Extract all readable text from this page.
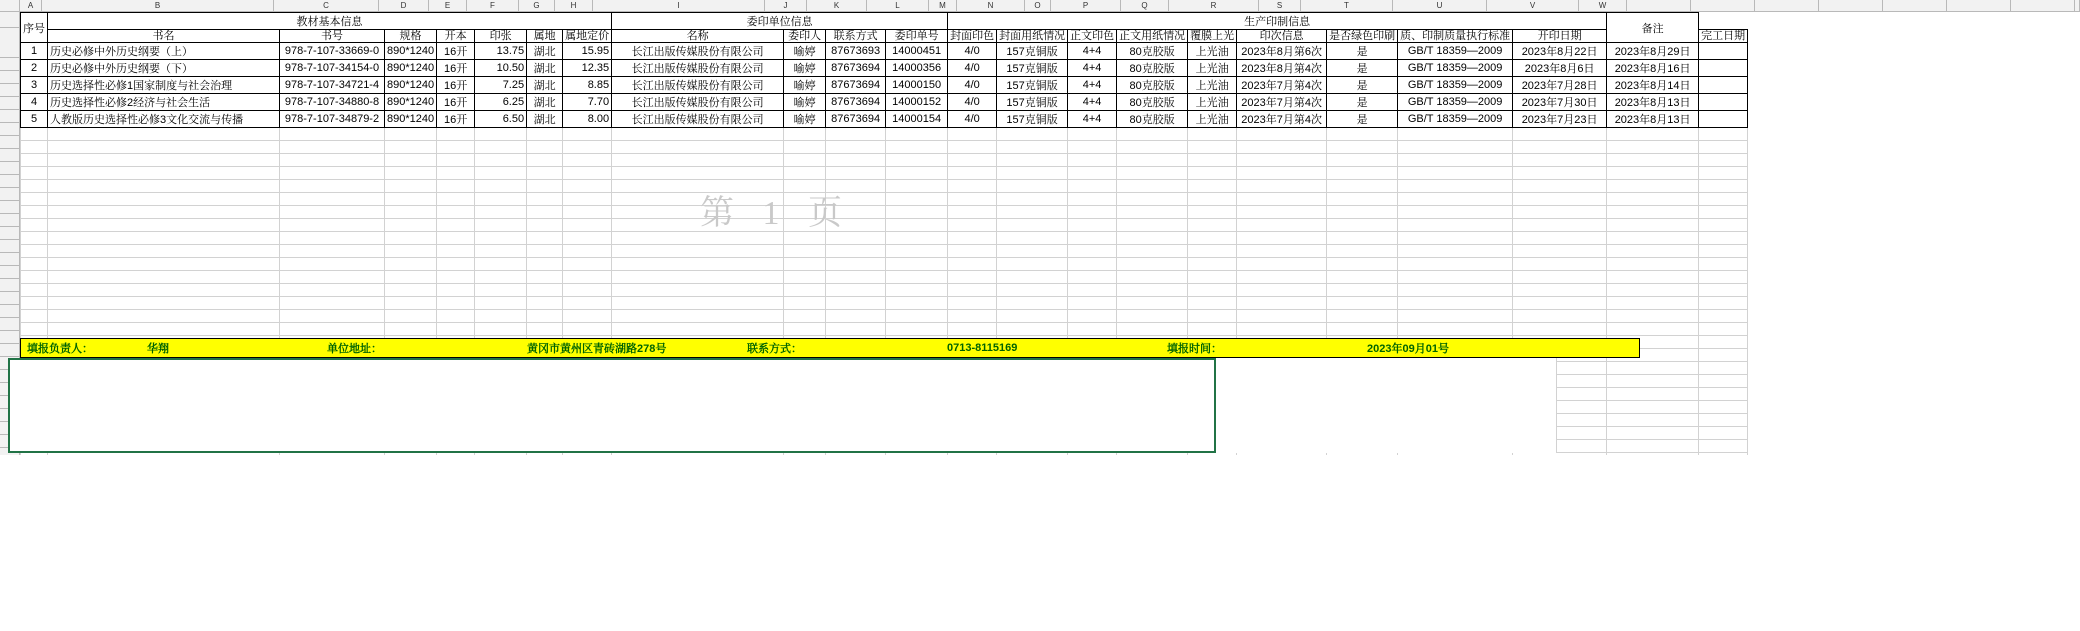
A	B	C	D	E	F	G	H	I	J	K	L	M	N	O	P	Q	R	S	T	U	V	W
序号	教材基本信息							委印单位信息				生产印制信息									备注	
	书名	书号	规格	开本	印张	属地	属地定价	名称	委印人	联系方式	委印单号	封面印色	封面用纸情况	正文印色	正文用纸情况	覆膜上光	印次信息	是否绿色印刷	质、印制质量执行标准	开印日期		完工日期
1	历史必修中外历史纲要（上）	978-7-107-33669-0	890*1240	16开	13.75	湖北	15.95	长江出版传媒股份有限公司	喻婷	87673693	14000451	4/0	157克铜版	4+4	80克胶版	上光油	2023年8月第6次	是	GB/T 18359—2009	2023年8月22日	2023年8月29日	
2	历史必修中外历史纲要（下）	978-7-107-34154-0	890*1240	16开	10.50	湖北	12.35	长江出版传媒股份有限公司	喻婷	87673694	14000356	4/0	157克铜版	4+4	80克胶版	上光油	2023年8月第4次	是	GB/T 18359—2009	2023年8月6日	2023年8月16日	
3	历史选择性必修1国家制度与社会治理	978-7-107-34721-4	890*1240	16开	7.25	湖北	8.85	长江出版传媒股份有限公司	喻婷	87673694	14000150	4/0	157克铜版	4+4	80克胶版	上光油	2023年7月第4次	是	GB/T 18359—2009	2023年7月28日	2023年8月14日	
4	历史选择性必修2经济与社会生活	978-7-107-34880-8	890*1240	16开	6.25	湖北	7.70	长江出版传媒股份有限公司	喻婷	87673694	14000152	4/0	157克铜版	4+4	80克胶版	上光油	2023年7月第4次	是	GB/T 18359—2009	2023年7月30日	2023年8月13日	
5	人教版历史选择性必修3文化交流与传播	978-7-107-34879-2	890*1240	16开	6.50	湖北	8.00	长江出版传媒股份有限公司	喻婷	87673694	14000154	4/0	157克铜版	4+4	80克胶版	上光油	2023年7月第4次	是	GB/T 18359—2009	2023年7月23日	2023年8月13日	

第 1 页
填报负责人：	华翔	单位地址：	黄冈市黄州区青砖湖路278号	联系方式：	0713-8115169	填报时间：	2023年09月01号
